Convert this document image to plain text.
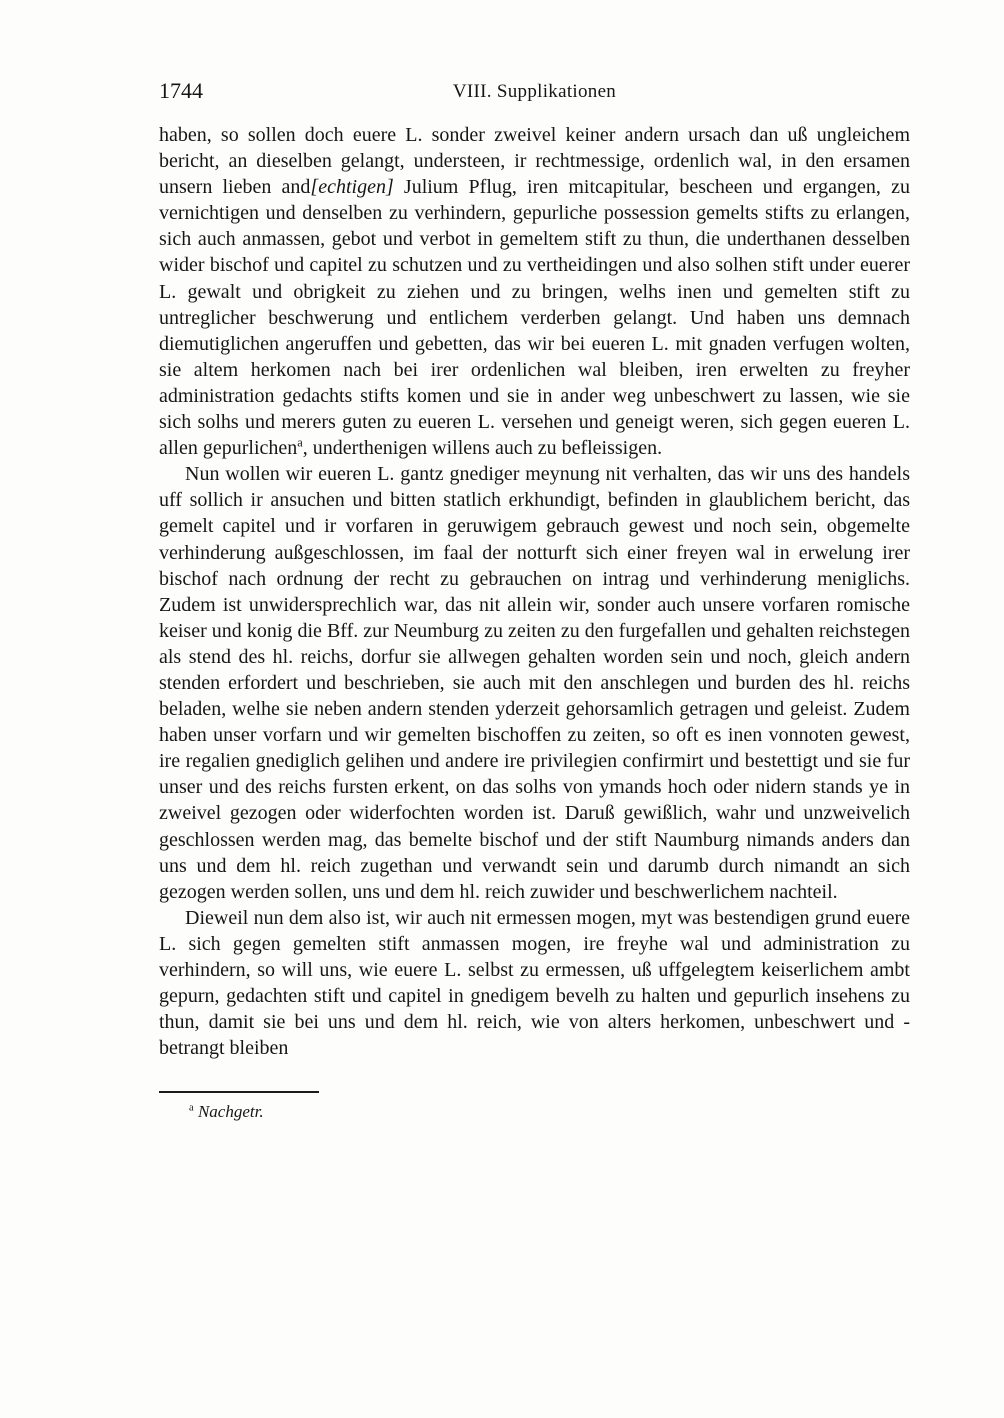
1744	VIII. Supplikationen

haben, so sollen doch euere L. sonder zweivel keiner andern ursach dan uß ungleichem bericht, an dieselben gelangt, understeen, ir rechtmessige, ordenlich wal, in den ersamen unsern lieben and[echtigen] Julium Pflug, iren mitcapitular, bescheen und ergangen, zu vernichtigen und denselben zu verhindern, gepurliche possession gemelts stifts zu erlangen, sich auch anmassen, gebot und verbot in gemeltem stift zu thun, die underthanen desselben wider bischof und capitel zu schutzen und zu vertheidingen und also solhen stift under euerer L. gewalt und obrigkeit zu ziehen und zu bringen, welhs inen und gemelten stift zu untreglicher beschwerung und entlichem verderben gelangt. Und haben uns demnach diemutiglichen angeruffen und gebetten, das wir bei eueren L. mit gnaden verfugen wolten, sie altem herkomen nach bei irer ordenlichen wal bleiben, iren erwelten zu freyher administration gedachts stifts komen und sie in ander weg unbeschwert zu lassen, wie sie sich solhs und merers guten zu eueren L. versehen und geneigt weren, sich gegen eueren L. allen gepurlichen$^a$, underthenigen willens auch zu befleissigen.

Nun wollen wir eueren L. gantz gnediger meynung nit verhalten, das wir uns des handels uff sollich ir ansuchen und bitten statlich erkhundigt, befinden in glaublichem bericht, das gemelt capitel und ir vorfaren in geruwigem gebrauch gewest und noch sein, obgemelte verhinderung außgeschlossen, im faal der notturft sich einer freyen wal in erwelung irer bischof nach ordnung der recht zu gebrauchen on intrag und verhinderung meniglichs. Zudem ist unwidersprechlich war, das nit allein wir, sonder auch unsere vorfaren romische keiser und konig die Bff. zur Neumburg zu zeiten zu den furgefallen und gehalten reichstegen als stend des hl. reichs, dorfur sie allwegen gehalten worden sein und noch, gleich andern stenden erfordert und beschrieben, sie auch mit den anschlegen und burden des hl. reichs beladen, welhe sie neben andern stenden yderzeit gehorsamlich getragen und geleist. Zudem haben unser vorfarn und wir gemelten bischoffen zu zeiten, so oft es inen vonnoten gewest, ire regalien gnediglich gelihen und andere ire privilegien confirmirt und bestettigt und sie fur unser und des reichs fursten erkent, on das solhs von ymands hoch oder nidern stands ye in zweivel gezogen oder widerfochten worden ist. Daruß gewißlich, wahr und unzweivelich geschlossen werden mag, das bemelte bischof und der stift Naumburg nimands anders dan uns und dem hl. reich zugethan und verwandt sein und darumb durch nimandt an sich gezogen werden sollen, uns und dem hl. reich zuwider und beschwerlichem nachteil.

Dieweil nun dem also ist, wir auch nit ermessen mogen, myt was bestendigen grund euere L. sich gegen gemelten stift anmassen mogen, ire freyhe wal und administration zu verhindern, so will uns, wie euere L. selbst zu ermessen, uß uffgelegtem keiserlichem ambt gepurn, gedachten stift und capitel in gnedigem bevelh zu halten und gepurlich insehens zu thun, damit sie bei uns und dem hl. reich, wie von alters herkomen, unbeschwert und -betrangt bleiben

$^a$ Nachgetr.
